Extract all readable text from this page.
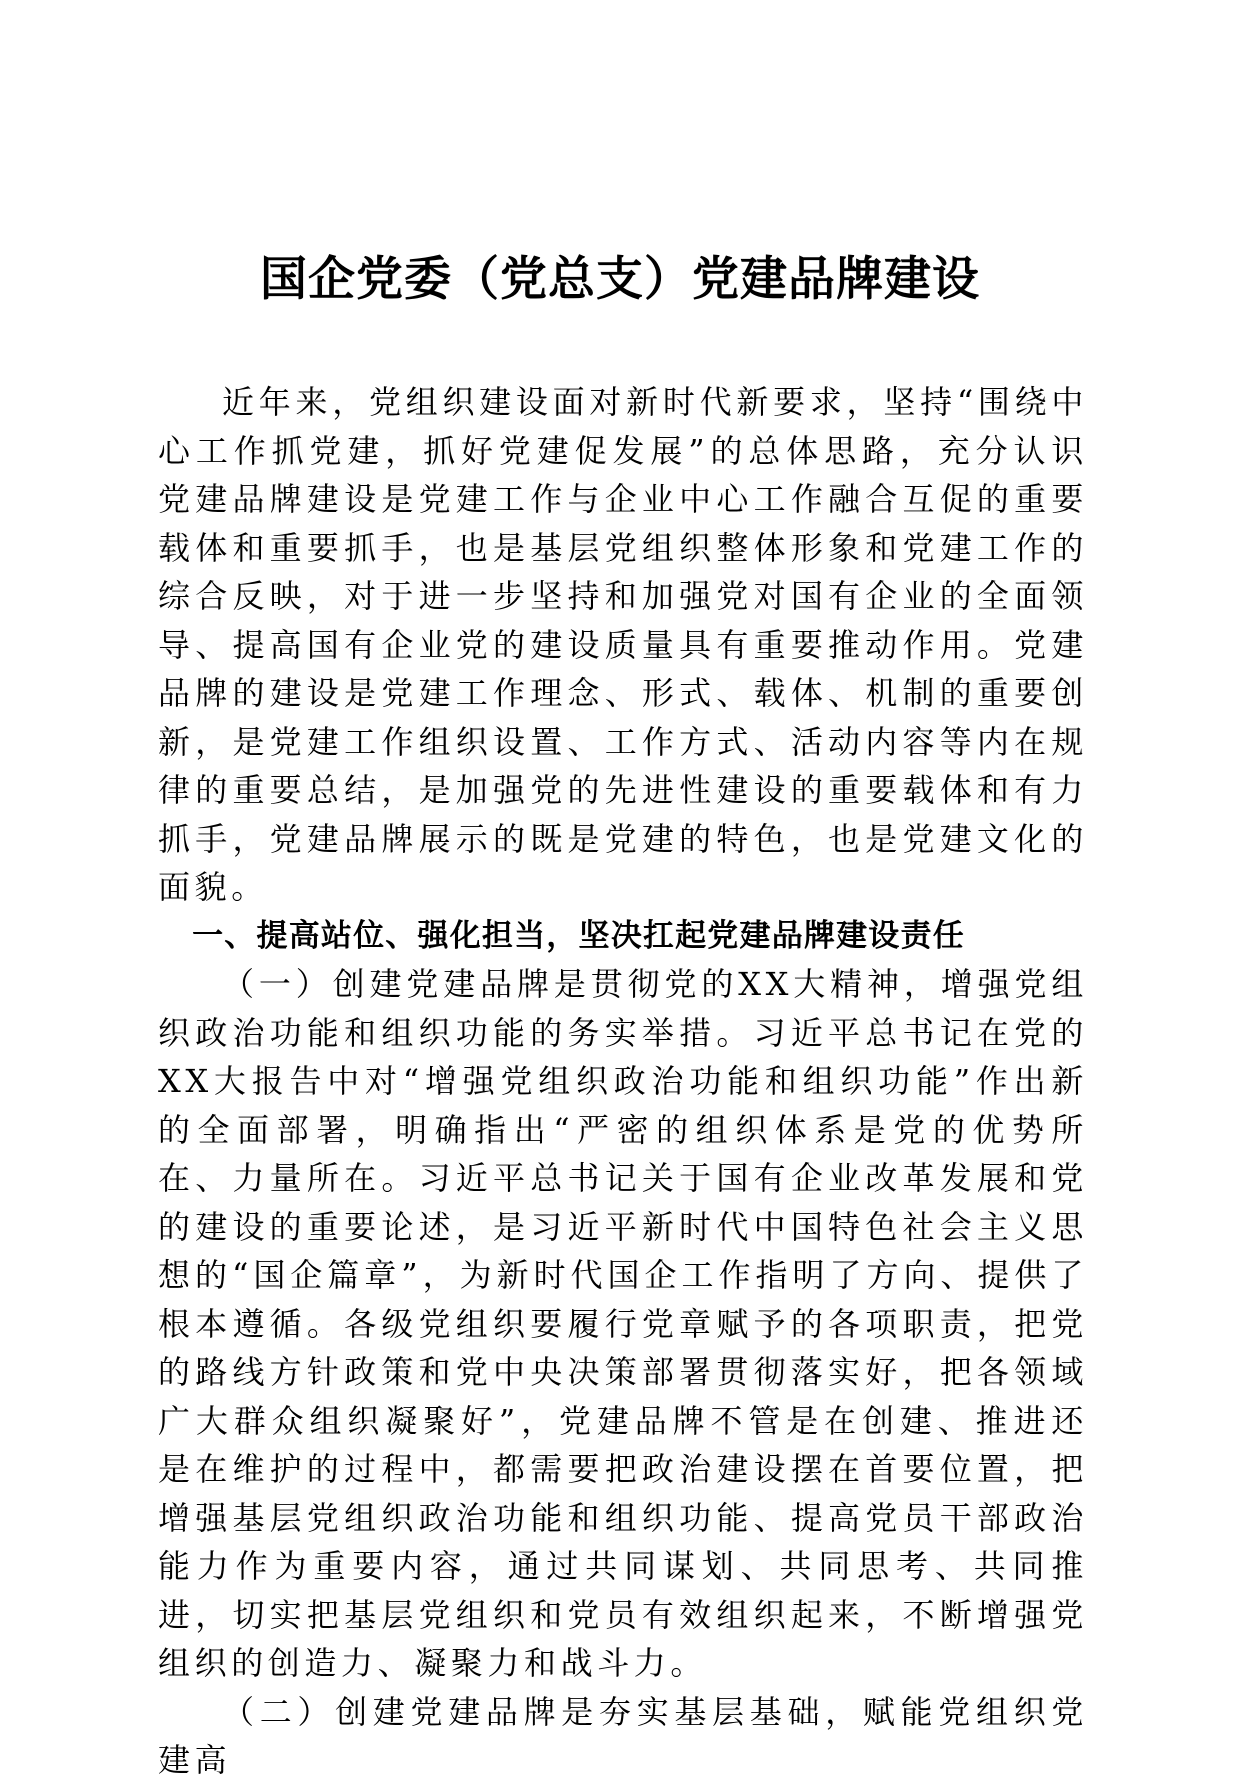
国企党委（党总支）党建品牌建设

近年来，党组织建设面对新时代新要求，坚持“围绕中心工作抓党建，抓好党建促发展”的总体思路，充分认识党建品牌建设是党建工作与企业中心工作融合互促的重要载体和重要抓手，也是基层党组织整体形象和党建工作的综合反映，对于进一步坚持和加强党对国有企业的全面领导、提高国有企业党的建设质量具有重要推动作用。党建品牌的建设是党建工作理念、形式、载体、机制的重要创新，是党建工作组织设置、工作方式、活动内容等内在规律的重要总结，是加强党的先进性建设的重要载体和有力抓手，党建品牌展示的既是党建的特色，也是党建文化的面貌。

一、提高站位、强化担当，坚决扛起党建品牌建设责任

（一）创建党建品牌是贯彻党的XX大精神，增强党组织政治功能和组织功能的务实举措。习近平总书记在党的XX大报告中对“增强党组织政治功能和组织功能”作出新的全面部署，明确指出“严密的组织体系是党的优势所在、力量所在。习近平总书记关于国有企业改革发展和党的建设的重要论述，是习近平新时代中国特色社会主义思想的“国企篇章”，为新时代国企工作指明了方向、提供了根本遵循。各级党组织要履行党章赋予的各项职责，把党的路线方针政策和党中央决策部署贯彻落实好，把各领域广大群众组织凝聚好”，党建品牌不管是在创建、推进还是在维护的过程中，都需要把政治建设摆在首要位置，把增强基层党组织政治功能和组织功能、提高党员干部政治能力作为重要内容，通过共同谋划、共同思考、共同推进，切实把基层党组织和党员有效组织起来，不断增强党组织的创造力、凝聚力和战斗力。

（二）创建党建品牌是夯实基层基础，赋能党组织党建高
